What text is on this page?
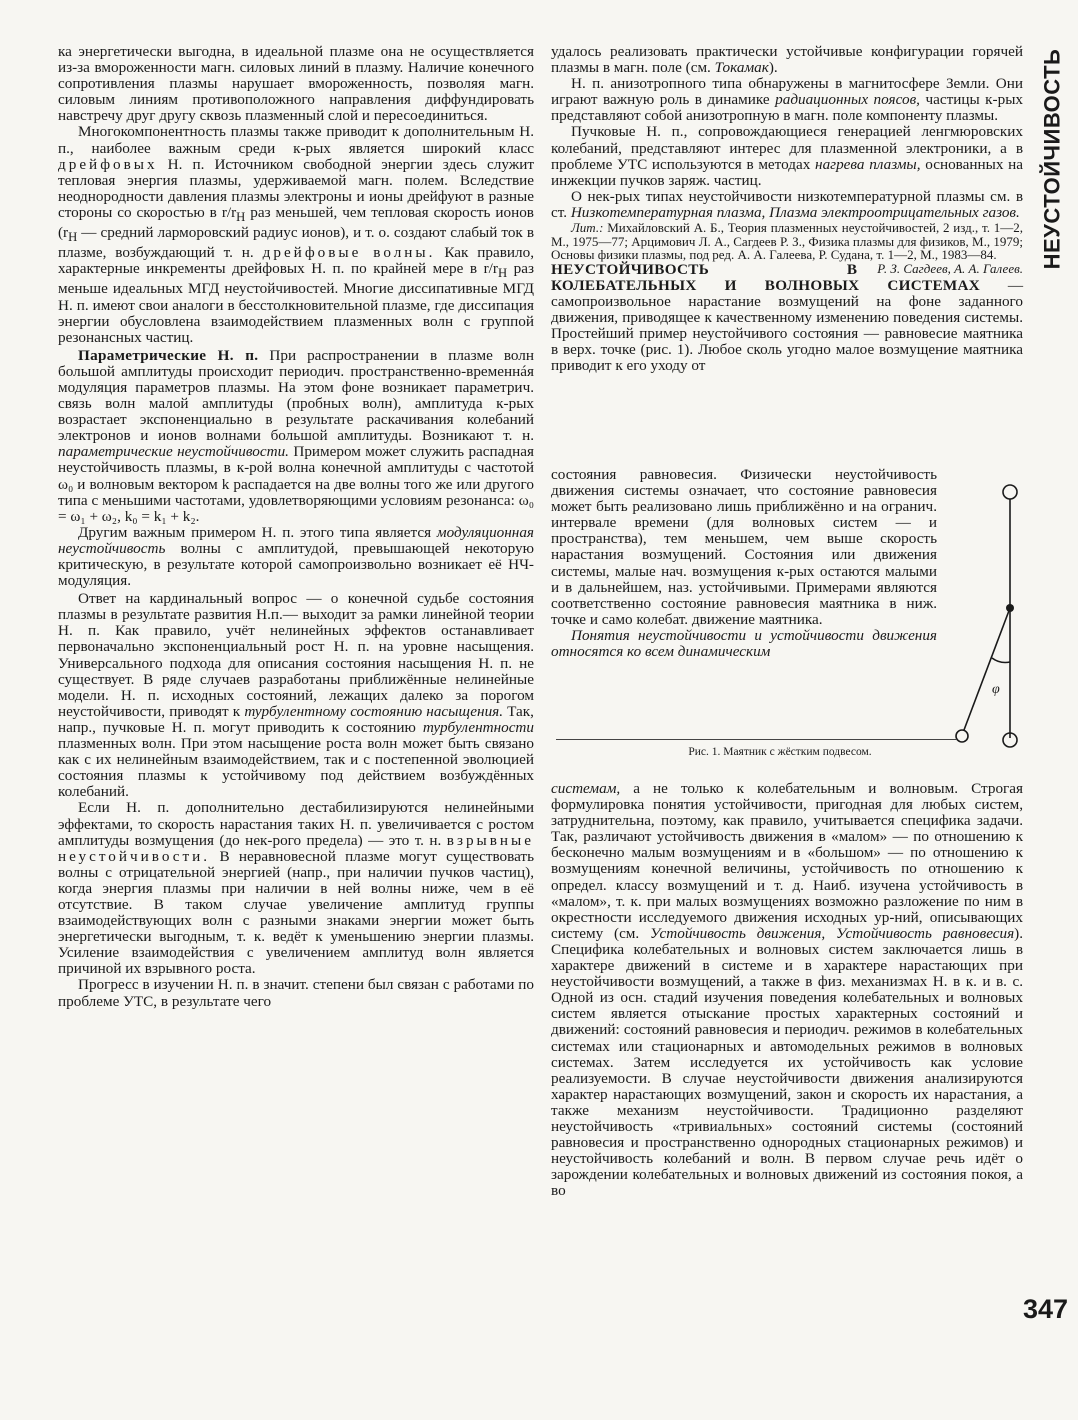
НЕУСТОЙЧИВОСТЬ
347

ка энергетически выгодна, в идеальной плазме она не осуществляется из-за вмороженности магн. силовых линий в плазму. Наличие конечного сопротивления плазмы нарушает вмороженность, позволяя магн. силовым линиям противоположного направления диффундировать навстречу друг другу сквозь плазменный слой и пересоединиться.

Многокомпонентность плазмы также приводит к дополнительным Н. п., наиболее важным среди к-рых является широкий класс дрейфовых Н. п. Источником свободной энергии здесь служит тепловая энергия плазмы, удерживаемой магн. полем. Вследствие неоднородности давления плазмы электроны и ионы дрейфуют в разные стороны со скоростью в $r/r_H$ раз меньшей, чем тепловая скорость ионов ($r_H$ — средний ларморовский радиус ионов), и т. о. создают слабый ток в плазме, возбуждающий т. н. дрейфовые волны. Как правило, характерные инкременты дрейфовых Н. п. по крайней мере в $r/r_H$ раз меньше идеальных МГД неустойчивостей. Многие диссипативные МГД Н. п. имеют свои аналоги в бесстолкновительной плазме, где диссипация энергии обусловлена взаимодействием плазменных волн с группой резонансных частиц.

Параметрические Н. п. При распространении в плазме волн большой амплитуды происходит периодич. пространственно-временнáя модуляция параметров плазмы. На этом фоне возникает параметрич. связь волн малой амплитуды (пробных волн), амплитуда к-рых возрастает экспоненциально в результате раскачивания колебаний электронов и ионов волнами большой амплитуды. Возникают т. н. параметрические неустойчивости. Примером может служить распадная неустойчивость плазмы, в к-рой волна конечной амплитуды с частотой ω₀ и волновым вектором k распадается на две волны того же или другого типа с меньшими частотами, удовлетворяющими условиям резонанса: ω₀ = ω₁ + ω₂, k₀ = k₁ + k₂.

Другим важным примером Н. п. этого типа является модуляционная неустойчивость волны с амплитудой, превышающей некоторую критическую, в результате которой самопроизвольно возникает её НЧ-модуляция.

Ответ на кардинальный вопрос — о конечной судьбе состояния плазмы в результате развития Н.п.— выходит за рамки линейной теории Н. п. Как правило, учёт нелинейных эффектов останавливает первоначально экспоненциальный рост Н. п. на уровне насыщения. Универсального подхода для описания состояния насыщения Н. п. не существует. В ряде случаев разработаны приближённые нелинейные модели. Н. п. исходных состояний, лежащих далеко за порогом неустойчивости, приводят к турбулентному состоянию насыщения. Так, напр., пучковые Н. п. могут приводить к состоянию турбулентности плазменных волн. При этом насыщение роста волн может быть связано как с их нелинейным взаимодействием, так и с постепенной эволюцией состояния плазмы к устойчивому под действием возбуждённых колебаний.

Если Н. п. дополнительно дестабилизируются нелинейными эффектами, то скорость нарастания таких Н. п. увеличивается с ростом амплитуды возмущения (до нек-рого предела) — это т. н. взрывные неустойчивости. В неравновесной плазме могут существовать волны с отрицательной энергией (напр., при наличии пучков частиц), когда энергия плазмы при наличии в ней волны ниже, чем в её отсутствие. В таком случае увеличение амплитуд группы взаимодействующих волн с разными знаками энергии может быть энергетически выгодным, т. к. ведёт к уменьшению энергии плазмы. Усиление взаимодействия с увеличением амплитуд волн является причиной их взрывного роста.

Прогресс в изучении Н. п. в значит. степени был связан с работами по проблеме УТС, в результате чего

удалось реализовать практически устойчивые конфигурации горячей плазмы в магн. поле (см. Токамак).

Н. п. анизотропного типа обнаружены в магнитосфере Земли. Они играют важную роль в динамике радиационных поясов, частицы к-рых представляют собой анизотропную в магн. поле компоненту плазмы.

Пучковые Н. п., сопровождающиеся генерацией ленгмюровских колебаний, представляют интерес для плазменной электроники, а в проблеме УТС используются в методах нагрева плазмы, основанных на инжекции пучков заряж. частиц.

О нек-рых типах неустойчивости низкотемпературной плазмы см. в ст. Низкотемпературная плазма, Плазма электроотрицательных газов.

Лит.: Михайловский А. Б., Теория плазменных неустойчивостей, 2 изд., т. 1—2, М., 1975—77; Арцимович Л. А., Сагдеев Р. З., Физика плазмы для физиков, М., 1979; Основы физики плазмы, под ред. А. А. Галеева, Р. Судана, т. 1—2, М., 1983—84.
Р. З. Сагдеев, А. А. Галеев.

НЕУСТОЙЧИВОСТЬ В КОЛЕБАТЕЛЬНЫХ И ВОЛНОВЫХ СИСТЕМАХ — самопроизвольное нарастание возмущений на фоне заданного движения, приводящее к качественному изменению поведения системы. Простейший пример неустойчивого состояния — равновесие маятника в верх. точке (рис. 1). Любое сколь угодно малое возмущение маятника приводит к его уходу от

состояния равновесия. Физически неустойчивость движения системы означает, что состояние равновесия может быть реализовано лишь приближённо и на огранич. интервале времени (для волновых систем — и пространства), тем меньшем, чем выше скорость нарастания возмущений. Состояния или движения системы, малые нач. возмущения к-рых остаются малыми и в дальнейшем, наз. устойчивыми. Примерами являются соответственно состояние равновесия маятника в ниж. точке и само колебат. движение маятника.

Понятия неустойчивости и устойчивости движения относятся ко всем динамическим

φ
Рис. 1. Маятник с жёстким подвесом.

системам, а не только к колебательным и волновым. Строгая формулировка понятия устойчивости, пригодная для любых систем, затруднительна, поэтому, как правило, учитывается специфика задачи. Так, различают устойчивость движения в «малом» — по отношению к бесконечно малым возмущениям и в «большом» — по отношению к возмущениям конечной величины, устойчивость по отношению к определ. классу возмущений и т. д. Наиб. изучена устойчивость в «малом», т. к. при малых возмущениях возможно разложение по ним в окрестности исследуемого движения исходных ур-ний, описывающих систему (см. Устойчивость движения, Устойчивость равновесия). Специфика колебательных и волновых систем заключается лишь в характере движений в системе и в характере нарастающих при неустойчивости возмущений, а также в физ. механизмах Н. в к. и в. с. Одной из осн. стадий изучения поведения колебательных и волновых систем является отыскание простых характерных состояний и движений: состояний равновесия и периодич. режимов в колебательных системах или стационарных и автомодельных режимов в волновых системах. Затем исследуется их устойчивость как условие реализуемости. В случае неустойчивости движения анализируются характер нарастающих возмущений, закон и скорость их нарастания, а также механизм неустойчивости. Традиционно разделяют неустойчивость «тривиальных» состояний системы (состояний равновесия и пространственно однородных стационарных режимов) и неустойчивость колебаний и волн. В первом случае речь идёт о зарождении колебательных и волновых движений из состояния покоя, а во
